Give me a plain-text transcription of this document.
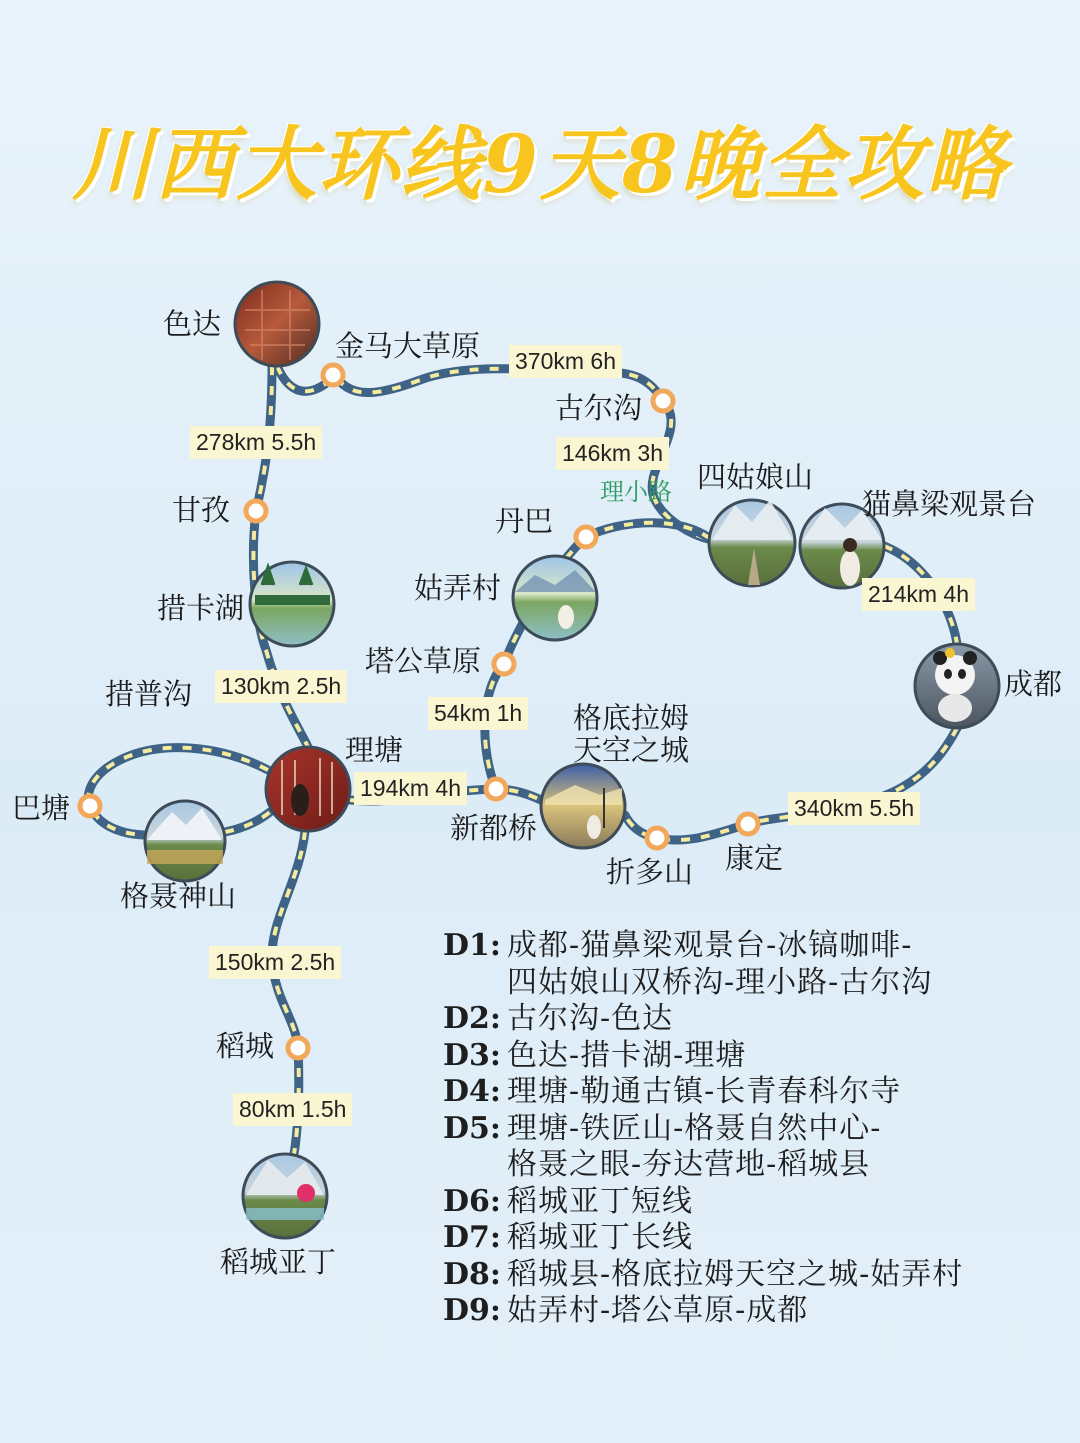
川西大环线9天8晚全攻略
色达
金马大草原
古尔沟
四姑娘山
猫鼻梁观景台
成都
丹巴
姑弄村
塔公草原
格底拉姆
天空之城
甘孜
措卡湖
措普沟
理塘
巴塘
格聂神山
新都桥
折多山 康定
稻城
稻城亚丁
278km 5.5h
370km 6h
146km 3h
214km 4h
130km 2.5h
54km 1h
194km 4h
340km 5.5h
150km 2.5h
80km 1.5h
理小路
D1: 成都-猫鼻梁观景台-冰镐咖啡-
四姑娘山双桥沟-理小路-古尔沟
D2: 古尔沟-色达
D3: 色达-措卡湖-理塘
D4: 理塘-勒通古镇-长青春科尔寺
D5: 理塘-铁匠山-格聂自然中心-
格聂之眼-夯达营地-稻城县
D6: 稻城亚丁短线
D7: 稻城亚丁长线
D8: 稻城县-格底拉姆天空之城-姑弄村
D9: 姑弄村-塔公草原-成都
